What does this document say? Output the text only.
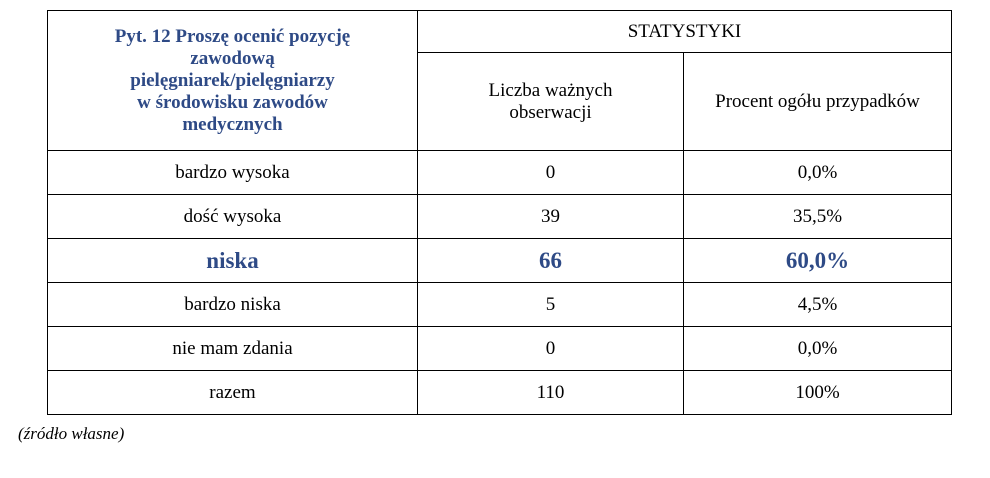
Pyt. 12 Proszę ocenić pozycję
zawodową
pielęgniarek/pielęgniarzy
w środowisku zawodów
medycznych	STATYSTYKI	

	Liczba ważnych
obserwacji	Procent ogółu przypadków
bardzo wysoka	0	0,0%
dość wysoka	39	35,5%
niska	66	60,0%
bardzo niska	5	4,5%
nie mam zdania	0	0,0%
razem	110	100%
(źródło własne)
